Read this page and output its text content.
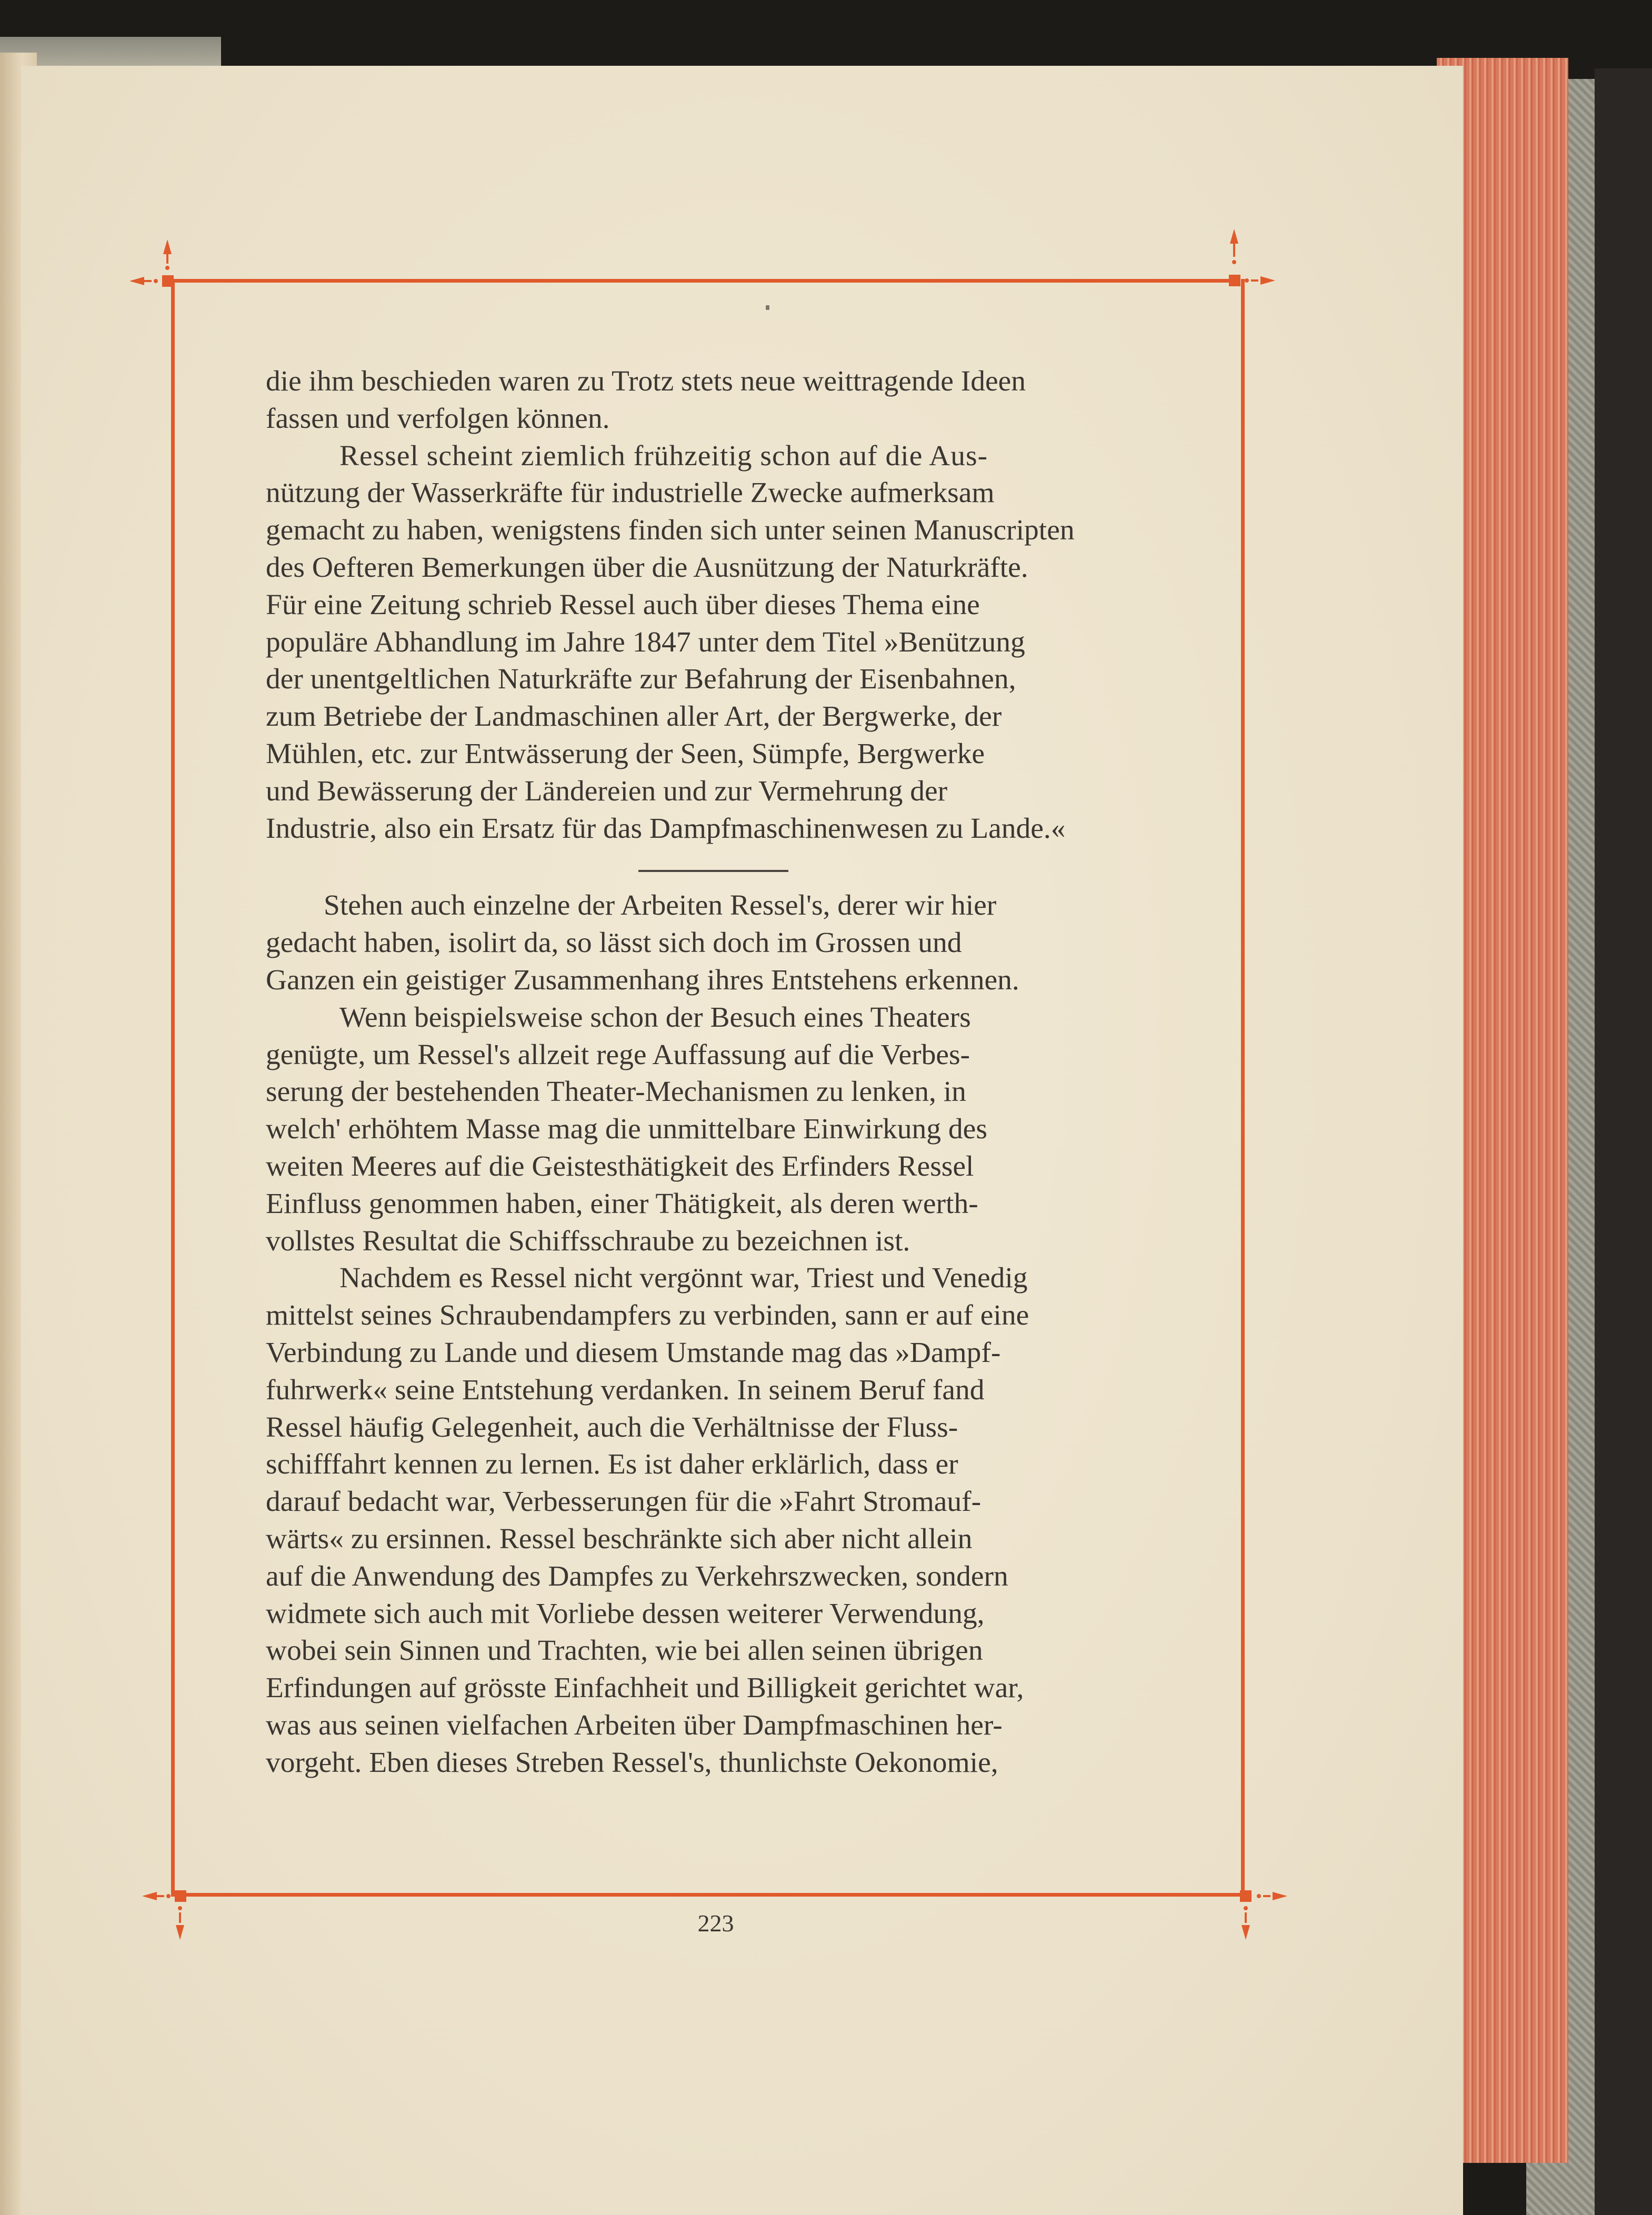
die ihm beschieden waren zu Trotz stets neue weittragende Ideen
fassen und verfolgen können.

Ressel scheint ziemlich frühzeitig schon auf die Aus-
nützung der Wasserkräfte für industrielle Zwecke aufmerksam
gemacht zu haben, wenigstens finden sich unter seinen Manuscripten
des Oefteren Bemerkungen über die Ausnützung der Naturkräfte.
Für eine Zeitung schrieb Ressel auch über dieses Thema eine
populäre Abhandlung im Jahre 1847 unter dem Titel »Benützung
der unentgeltlichen Naturkräfte zur Befahrung der Eisenbahnen,
zum Betriebe der Landmaschinen aller Art, der Bergwerke, der
Mühlen, etc. zur Entwässerung der Seen, Sümpfe, Bergwerke
und Bewässerung der Ländereien und zur Vermehrung der
Industrie, also ein Ersatz für das Dampfmaschinenwesen zu Lande.«

Stehen auch einzelne der Arbeiten Ressel's, derer wir hier
gedacht haben, isolirt da, so lässt sich doch im Grossen und
Ganzen ein geistiger Zusammenhang ihres Entstehens erkennen.

Wenn beispielsweise schon der Besuch eines Theaters
genügte, um Ressel's allzeit rege Auffassung auf die Verbes-
serung der bestehenden Theater-Mechanismen zu lenken, in
welch' erhöhtem Masse mag die unmittelbare Einwirkung des
weiten Meeres auf die Geistesthätigkeit des Erfinders Ressel
Einfluss genommen haben, einer Thätigkeit, als deren werth-
vollstes Resultat die Schiffsschraube zu bezeichnen ist.

Nachdem es Ressel nicht vergönnt war, Triest und Venedig
mittelst seines Schraubendampfers zu verbinden, sann er auf eine
Verbindung zu Lande und diesem Umstande mag das »Dampf-
fuhrwerk« seine Entstehung verdanken. In seinem Beruf fand
Ressel häufig Gelegenheit, auch die Verhältnisse der Fluss-
schifffahrt kennen zu lernen. Es ist daher erklärlich, dass er
darauf bedacht war, Verbesserungen für die »Fahrt Stromauf-
wärts« zu ersinnen. Ressel beschränkte sich aber nicht allein
auf die Anwendung des Dampfes zu Verkehrszwecken, sondern
widmete sich auch mit Vorliebe dessen weiterer Verwendung,
wobei sein Sinnen und Trachten, wie bei allen seinen übrigen
Erfindungen auf grösste Einfachheit und Billigkeit gerichtet war,
was aus seinen vielfachen Arbeiten über Dampfmaschinen her-
vorgeht. Eben dieses Streben Ressel's, thunlichste Oekonomie,

223
